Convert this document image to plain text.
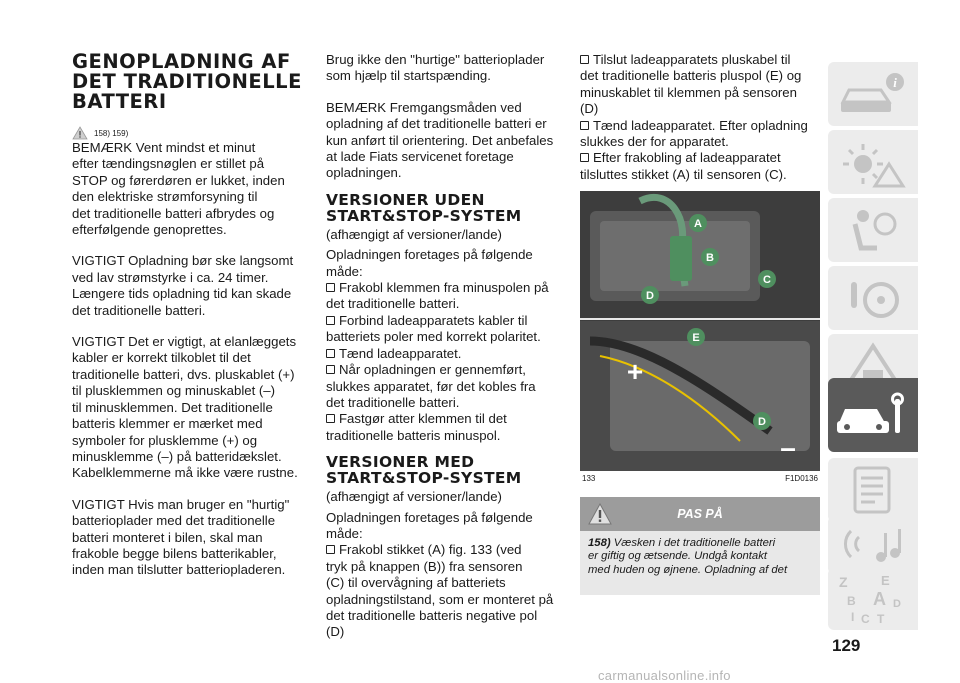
GENOPLADNING AF
DET TRADITIONELLE
BATTERI
158) 159)

BEMÆRK Vent mindst et minut
efter tændingsnøglen er stillet på
STOP og førerdøren er lukket, inden
den elektriske strømforsyning til
det traditionelle batteri afbrydes og
efterfølgende genoprettes.

VIGTIGT Opladning bør ske langsomt
ved lav strømstyrke i ca. 24 timer.
Længere tids opladning tid kan skade
det traditionelle batteri.

VIGTIGT Det er vigtigt, at elanlæggets
kabler er korrekt tilkoblet til det
traditionelle batteri, dvs. pluskablet (+)
til plusklemmen og minuskablet (–)
til minusklemmen. Det traditionelle
batteris klemmer er mærket med
symboler for plusklemme (+) og
minusklemme (–) på batteridækslet.
Kabelklemmerne må ikke være rustne.

VIGTIGT Hvis man bruger en "hurtig"
batterioplader med det traditionelle
batteri monteret i bilen, skal man
frakoble begge bilens batterikabler,
inden man tilslutter batteriopladeren.

Brug ikke den "hurtige" batterioplader
som hjælp til startspænding.

BEMÆRK Fremgangsmåden ved
opladning af det traditionelle batteri er
kun anført til orientering. Det anbefales
at lade Fiats servicenet foretage
opladningen.

VERSIONER UDEN
START&STOP-SYSTEM

(afhængigt af versioner/lande)

Opladningen foretages på følgende
måde:

Frakobl klemmen fra minuspolen på
det traditionelle batteri.

Forbind ladeapparatets kabler til
batteriets poler med korrekt polaritet.

Tænd ladeapparatet.

Når opladningen er gennemført,
slukkes apparatet, før det kobles fra
det traditionelle batteri.

Fastgør atter klemmen til det
traditionelle batteris minuspol.

VERSIONER MED
START&STOP-SYSTEM

(afhængigt af versioner/lande)

Opladningen foretages på følgende
måde:

Frakobl stikket (A) fig. 133 (ved
tryk på knappen (B)) fra sensoren
(C) til overvågning af batteriets
opladningstilstand, som er monteret på
det traditionelle batteris negative pol (D)

Tilslut ladeapparatets pluskabel til
det traditionelle batteris pluspol (E) og
minuskablet til klemmen på sensoren
(D)

Tænd ladeapparatet. Efter opladning
slukkes der for apparatet.

Efter frakobling af ladeapparatet
tilsluttes stikket (A) til sensoren (C).

A
B
C
D
E
D
+
–
133	F1D0136
PAS PÅ
158) Væsken i det traditionelle batteri
er giftig og ætsende. Undgå kontakt
med huden og øjnene. Opladning af det
i
Z	E
B A D
I C T
129
carmanualsonline.info
